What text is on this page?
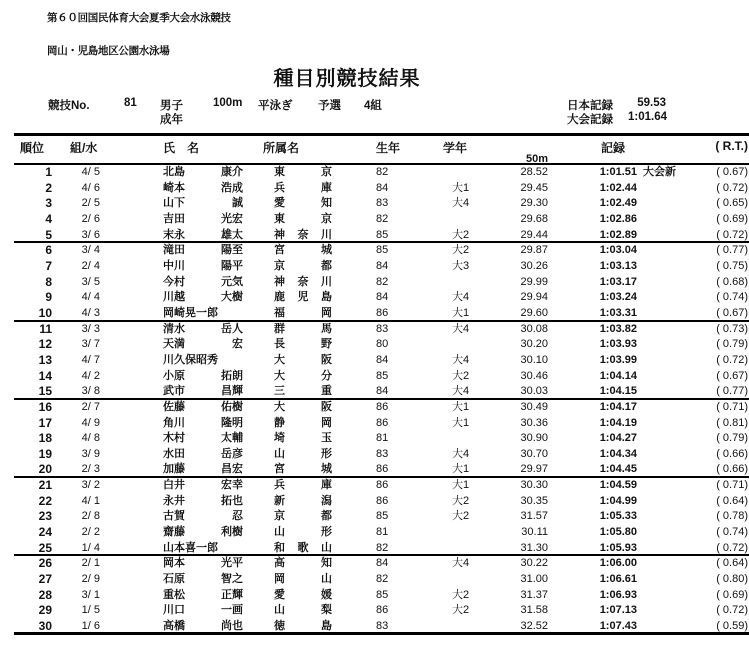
第６０回国民体育大会夏季大会水泳競技
岡山・児島地区公園水泳場
種目別競技結果
競技No.	81 男子
成年
100m 平泳ぎ 予選 4組	日本記録	59.53
大会記録	1:01.64
順位 組/水	氏　名	所属名	生年	学年	記録	( R.T.)
50m
1	4/ 5	北島	康介	東	京	82	28.52	1:01.51 大会新	( 0.67)
2	4/ 6	崎本	浩成	兵	庫	84	大1	29.45	1:02.44	( 0.72)
3	2/ 5	山下	誠	愛	知	83	大4	29.30	1:02.49	( 0.65)
4	2/ 6	吉田	光宏	東	京	82	29.68	1:02.86	( 0.69)
5	3/ 6	末永	雄太	神 奈 川	85	大2	29.44	1:02.89	( 0.72)
6	3/ 4	滝田	陽至	宮	城	85	大2	29.87	1:03.04	( 0.77)
7	2/ 4	中川	陽平	京	都	84	大3	30.26	1:03.13	( 0.75)
8	3/ 5	今村	元気	神 奈 川	82	29.99	1:03.17	( 0.68)
9	4/ 4	川越	大樹	鹿 児 島	84	大4	29.94	1:03.24	( 0.74)
10	4/ 3	岡崎晃一郎	福	岡	86	大1	29.60	1:03.31	( 0.67)
11	3/ 3	清水	岳人	群	馬	83	大4	30.08	1:03.82	( 0.73)
12	3/ 7	天満	宏	長	野	80	30.20	1:03.93	( 0.79)
13	4/ 7	川久保昭秀	大	阪	84	大4	30.10	1:03.99	( 0.72)
14	4/ 2	小原	拓朗	大	分	85	大2	30.46	1:04.14	( 0.67)
15	3/ 8	武市	昌輝	三	重	84	大4	30.03	1:04.15	( 0.77)
16	2/ 7	佐藤	佑樹	大	阪	86	大1	30.49	1:04.17	( 0.71)
17	4/ 9	角川	隆明	静	岡	86	大1	30.36	1:04.19	( 0.81)
18	4/ 8	木村	太輔	埼	玉	81	30.90	1:04.27	( 0.79)
19	3/ 9	水田	岳彦	山	形	83	大4	30.70	1:04.34	( 0.66)
20	2/ 3	加藤	昌宏	宮	城	86	大1	29.97	1:04.45	( 0.66)
21	3/ 2	白井	宏幸	兵	庫	86	大1	30.30	1:04.59	( 0.71)
22	4/ 1	永井	拓也	新	潟	86	大2	30.35	1:04.99	( 0.64)
23	2/ 8	古賀	忍	京	都	85	大2	31.57	1:05.33	( 0.78)
24	2/ 2	齋藤	利樹	山	形	81	30.11	1:05.80	( 0.74)
25	1/ 4	山本喜一郎	和 歌 山	82	31.30	1:05.93	( 0.72)
26	2/ 1	岡本	光平	高	知	84	大4	30.22	1:06.00	( 0.64)
27	2/ 9	石原	智之	岡	山	82	31.00	1:06.61	( 0.80)
28	3/ 1	重松	正輝	愛	媛	85	大2	31.37	1:06.93	( 0.69)
29	1/ 5	川口	一画	山	梨	86	大2	31.58	1:07.13	( 0.72)
30	1/ 6	高橋	尚也	徳	島	83	32.52	1:07.43	( 0.59)
